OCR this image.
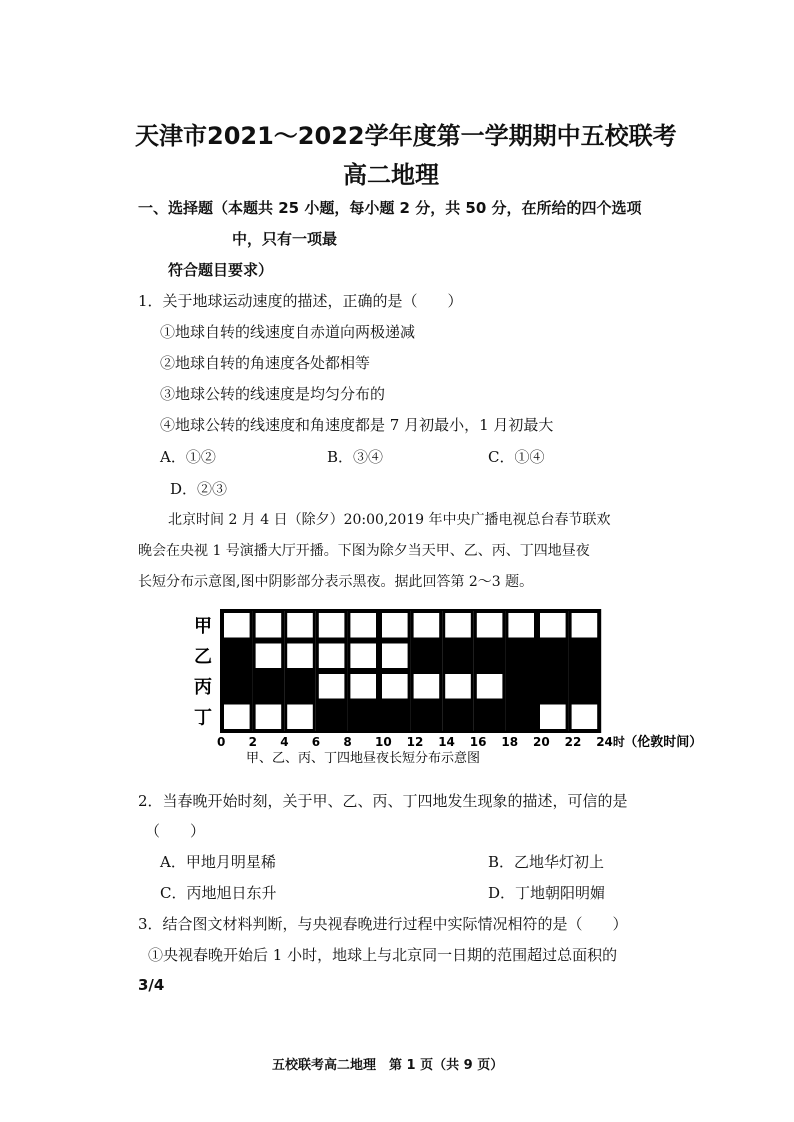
天津市2021～2022学年度第一学期期中五校联考
高二地理
一、选择题（本题共 25 小题，每小题 2 分，共 50 分，在所给的四个选项
中，只有一项最
符合题目要求）
1．关于地球运动速度的描述，正确的是（　　）
①地球自转的线速度自赤道向两极递减
②地球自转的角速度各处都相等
③地球公转的线速度是均匀分布的
④地球公转的线速度和角速度都是 7 月初最小，1 月初最大
A．①②	B．③④	C．①④
D．②③
北京时间 2 月 4 日（除夕）20:00,2019 年中央广播电视总台春节联欢
晚会在央视 1 号演播大厅开播。下图为除夕当天甲、乙、丙、丁四地昼夜
长短分布示意图,图中阴影部分表示黑夜。据此回答第 2～3 题。
甲
乙
丙
丁
0 2 4 6 8 10 12 14 16 18 20 22 24时 （伦敦时间）
甲、乙、丙、丁四地昼夜长短分布示意图
2．当春晚开始时刻，关于甲、乙、丙、丁四地发生现象的描述，可信的是
（　　）
A．甲地月明星稀	B．乙地华灯初上
C．丙地旭日东升	D．丁地朝阳明媚
3．结合图文材料判断，与央视春晚进行过程中实际情况相符的是（　　）
①央视春晚开始后 1 小时，地球上与北京同一日期的范围超过总面积的
3/4
五校联考高二地理　第 1 页（共 9 页）
